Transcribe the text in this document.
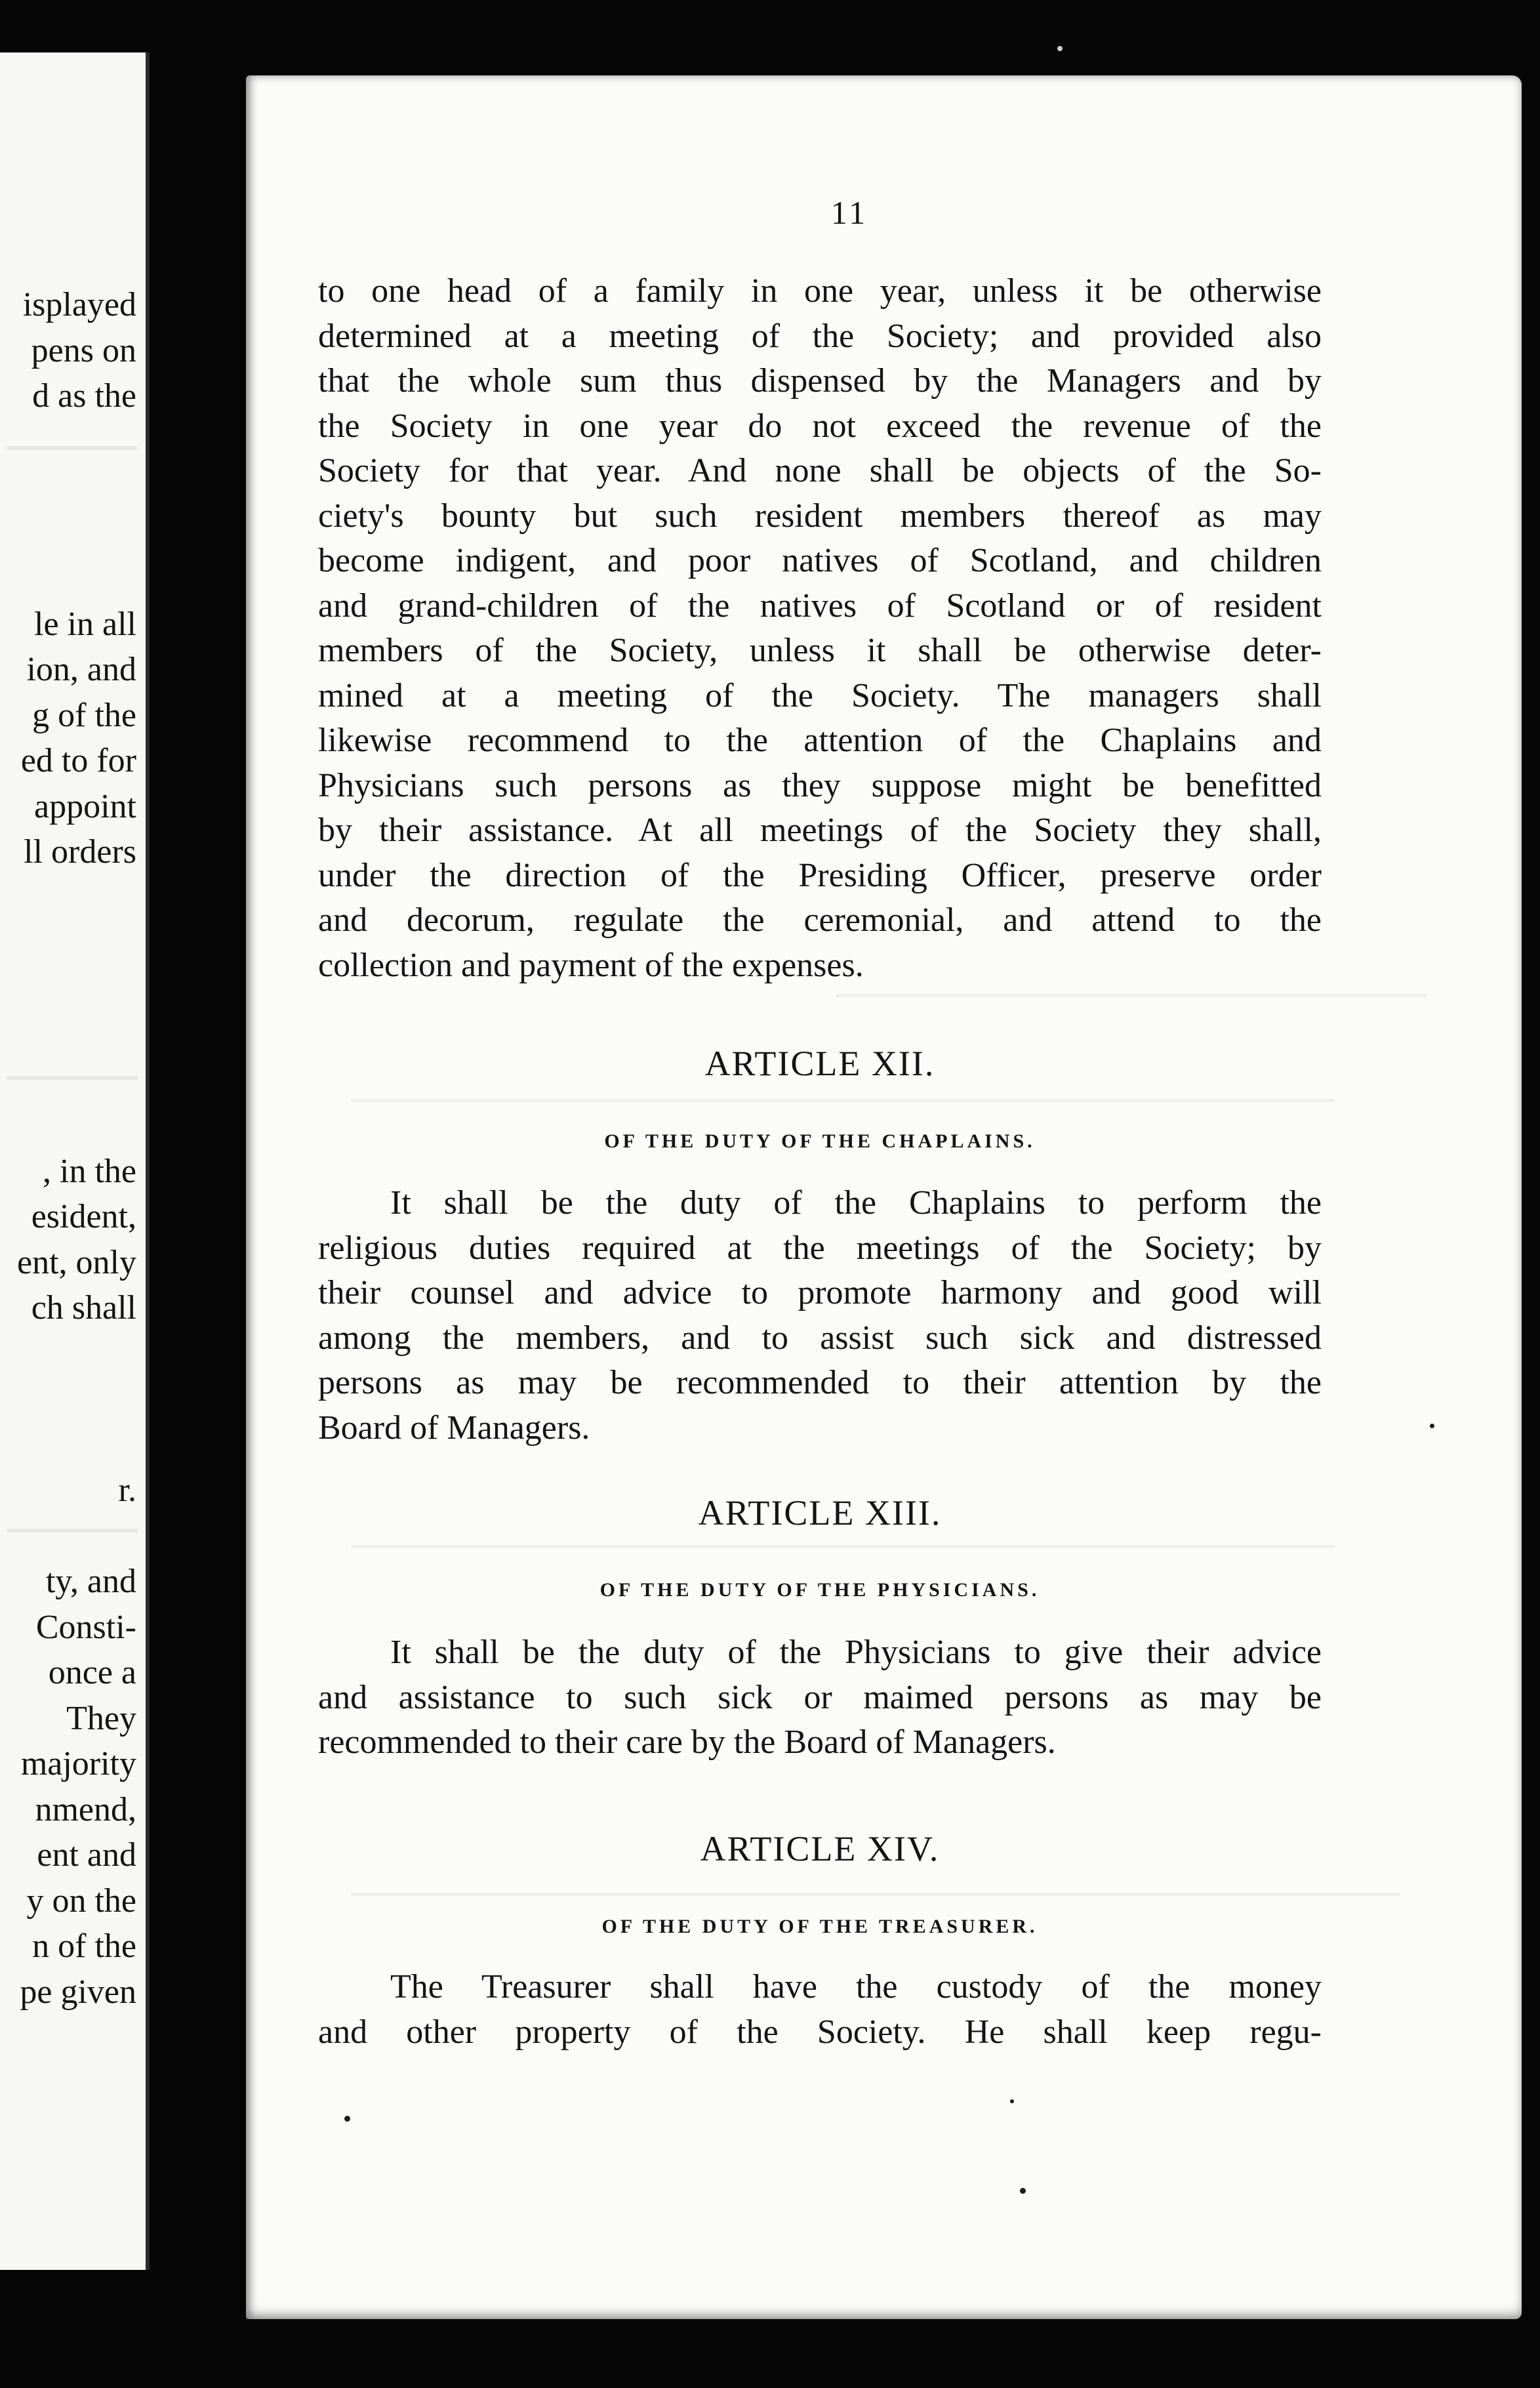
isplayed
pens on
d as the
le in all
ion, and
g of the
ed to for
appoint
ll orders
, in the
esident,
ent, only
ch shall
r.
ty, and
Consti-
once a
They
majority
nmend,
ent and
y on the
n of the
pe given
11
to one head of a family in one year, unless it be otherwise
determined at a meeting of the Society; and provided also
that the whole sum thus dispensed by the Managers and by
the Society in one year do not exceed the revenue of the
Society for that year. And none shall be objects of the So-
ciety's bounty but such resident members thereof as may
become indigent, and poor natives of Scotland, and children
and grand-children of the natives of Scotland or of resident
members of the Society, unless it shall be otherwise deter-
mined at a meeting of the Society. The managers shall
likewise recommend to the attention of the Chaplains and
Physicians such persons as they suppose might be benefitted
by their assistance. At all meetings of the Society they shall,
under the direction of the Presiding Officer, preserve order
and decorum, regulate the ceremonial, and attend to the
collection and payment of the expenses.
ARTICLE XII.
OF THE DUTY OF THE CHAPLAINS.
It shall be the duty of the Chaplains to perform the
religious duties required at the meetings of the Society; by
their counsel and advice to promote harmony and good will
among the members, and to assist such sick and distressed
persons as may be recommended to their attention by the
Board of Managers.
ARTICLE XIII.
OF THE DUTY OF THE PHYSICIANS.
It shall be the duty of the Physicians to give their advice
and assistance to such sick or maimed persons as may be
recommended to their care by the Board of Managers.
ARTICLE XIV.
OF THE DUTY OF THE TREASURER.
The Treasurer shall have the custody of the money
and other property of the Society. He shall keep regu-
